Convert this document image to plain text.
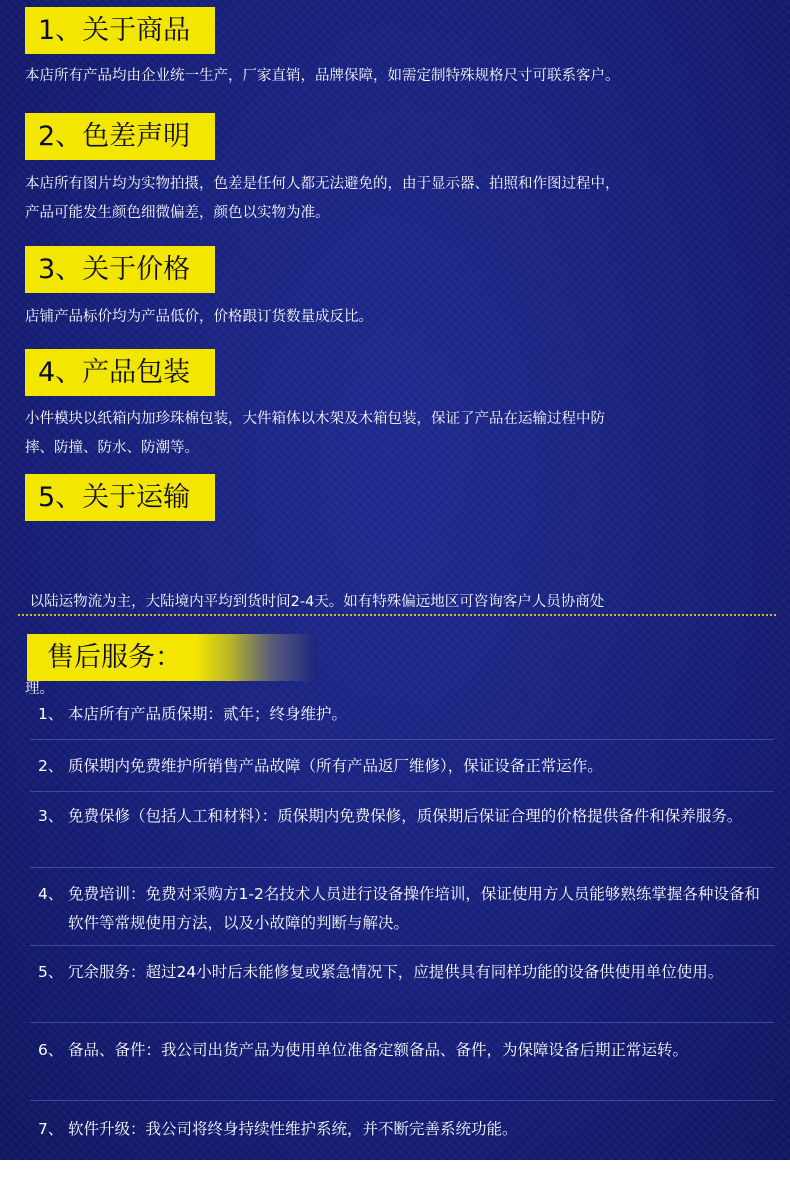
1、关于商品
本店所有产品均由企业统一生产，厂家直销，品牌保障，如需定制特殊规格尺寸可联系客户。
2、色差声明
本店所有图片均为实物拍摄，色差是任何人都无法避免的，由于显示器、拍照和作图过程中，
产品可能发生颜色细微偏差，颜色以实物为准。
3、关于价格
店铺产品标价均为产品低价，价格跟订货数量成反比。
4、产品包装
小件模块以纸箱内加珍珠棉包装，大件箱体以木架及木箱包装，保证了产品在运输过程中防
摔、防撞、防水、防潮等。
5、关于运输

以陆运物流为主，大陆境内平均到货时间2-4天。如有特殊偏远地区可咨询客户人员协商处

理。

售后服务：
1、 本店所有产品质保期：贰年；终身维护。
2、 质保期内免费维护所销售产品故障（所有产品返厂维修），保证设备正常运作。
3、 免费保修（包括人工和材料）：质保期内免费保修，质保期后保证合理的价格提供备件和保养服务。
4、 免费培训：免费对采购方1-2名技术人员进行设备操作培训，保证使用方人员能够熟练掌握各种设备和软件等常规使用方法，以及小故障的判断与解决。
5、 冗余服务：超过24小时后未能修复或紧急情况下，应提供具有同样功能的设备供使用单位使用。
6、 备品、备件：我公司出货产品为使用单位准备定额备品、备件，为保障设备后期正常运转。
7、 软件升级：我公司将终身持续性维护系统，并不断完善系统功能。
